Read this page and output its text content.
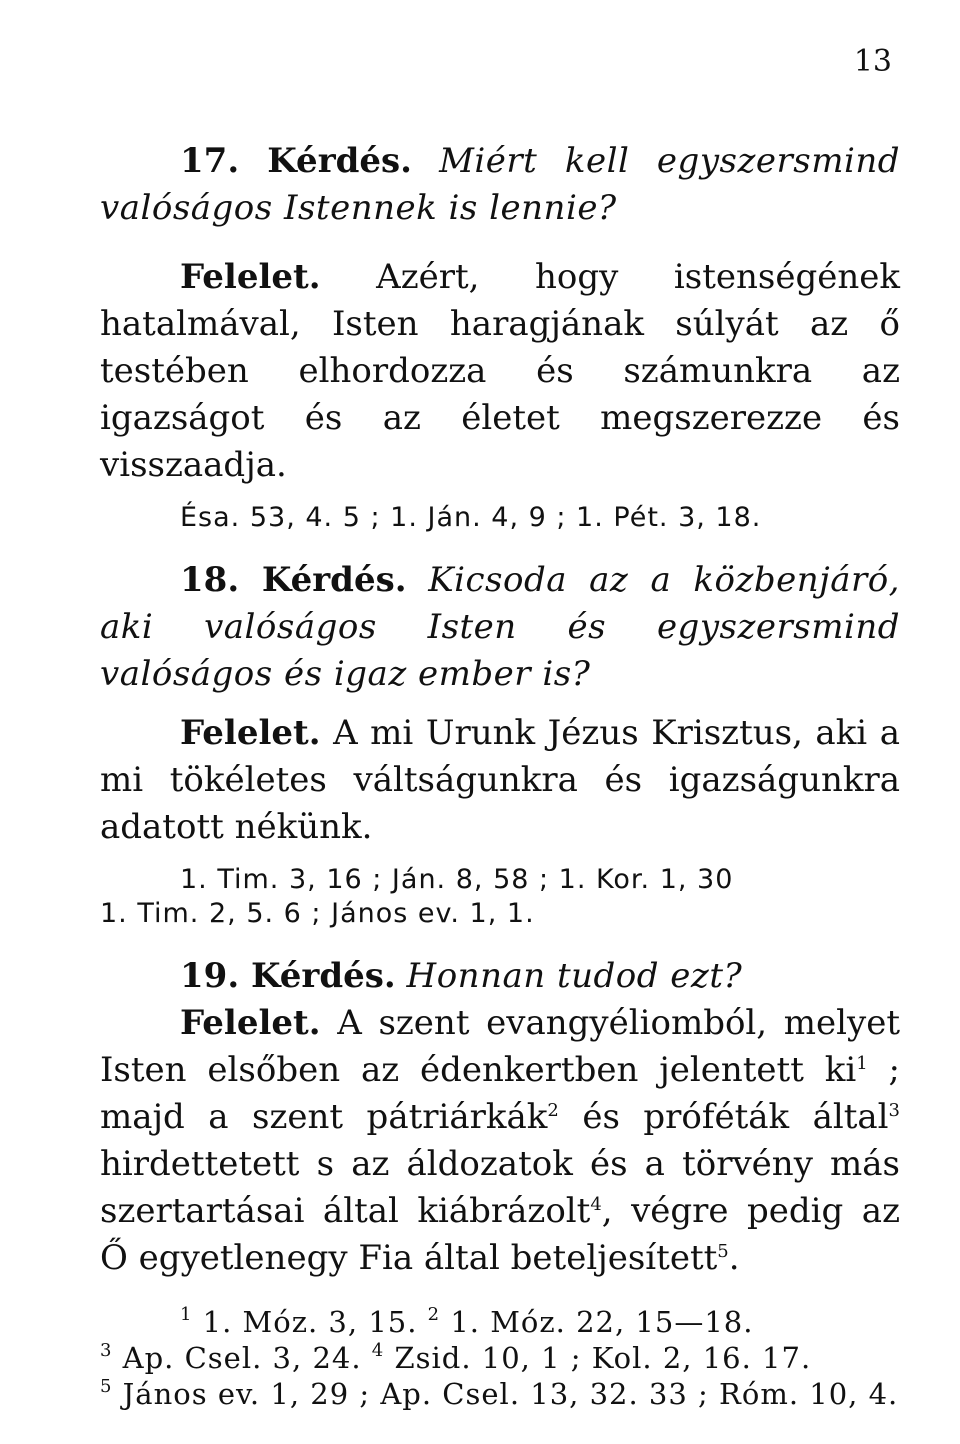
13

17. Kérdés. Miért kell egyszersmind valóságos Istennek is lennie?

Felelet. Azért, hogy istenségének hatalmával, Isten haragjának súlyát az ő testében elhordozza és számunkra az igazságot és az életet megszerezze és visszaadja.

Ésa. 53, 4. 5 ; 1. Ján. 4, 9 ; 1. Pét. 3, 18.

18. Kérdés. Kicsoda az a közbenjáró, aki valóságos Isten és egyszersmind valóságos és igaz ember is?

Felelet. A mi Urunk Jézus Krisztus, aki a mi tökéletes váltságunkra és igazságunkra adatott nékünk.

1. Tim. 3, 16 ; Ján. 8, 58 ; 1. Kor. 1, 30

1. Tim. 2, 5. 6 ; János ev. 1, 1.

19. Kérdés. Honnan tudod ezt?

Felelet. A szent evangyéliomból, melyet Isten elsőben az édenkertben jelentett $ki^1$ ; majd a szent pátriárkák$^2$ és próféták által$^3$ hirdettetett s az áldozatok és a törvény más szertartásai által kiábrázolt$^4$, végre pedig az Ő egyetlenegy Fia által beteljesített$^5$.

$^1$ 1. Móz. 3, 15. $^2$ 1. Móz. 22, 15—18.

$^3$ Ap. Csel. 3, 24. $^4$ Zsid. 10, 1 ; Kol. 2, 16. 17.

$^5$ János ev. 1, 29 ; Ap. Csel. 13, 32. 33 ; Róm. 10, 4.
